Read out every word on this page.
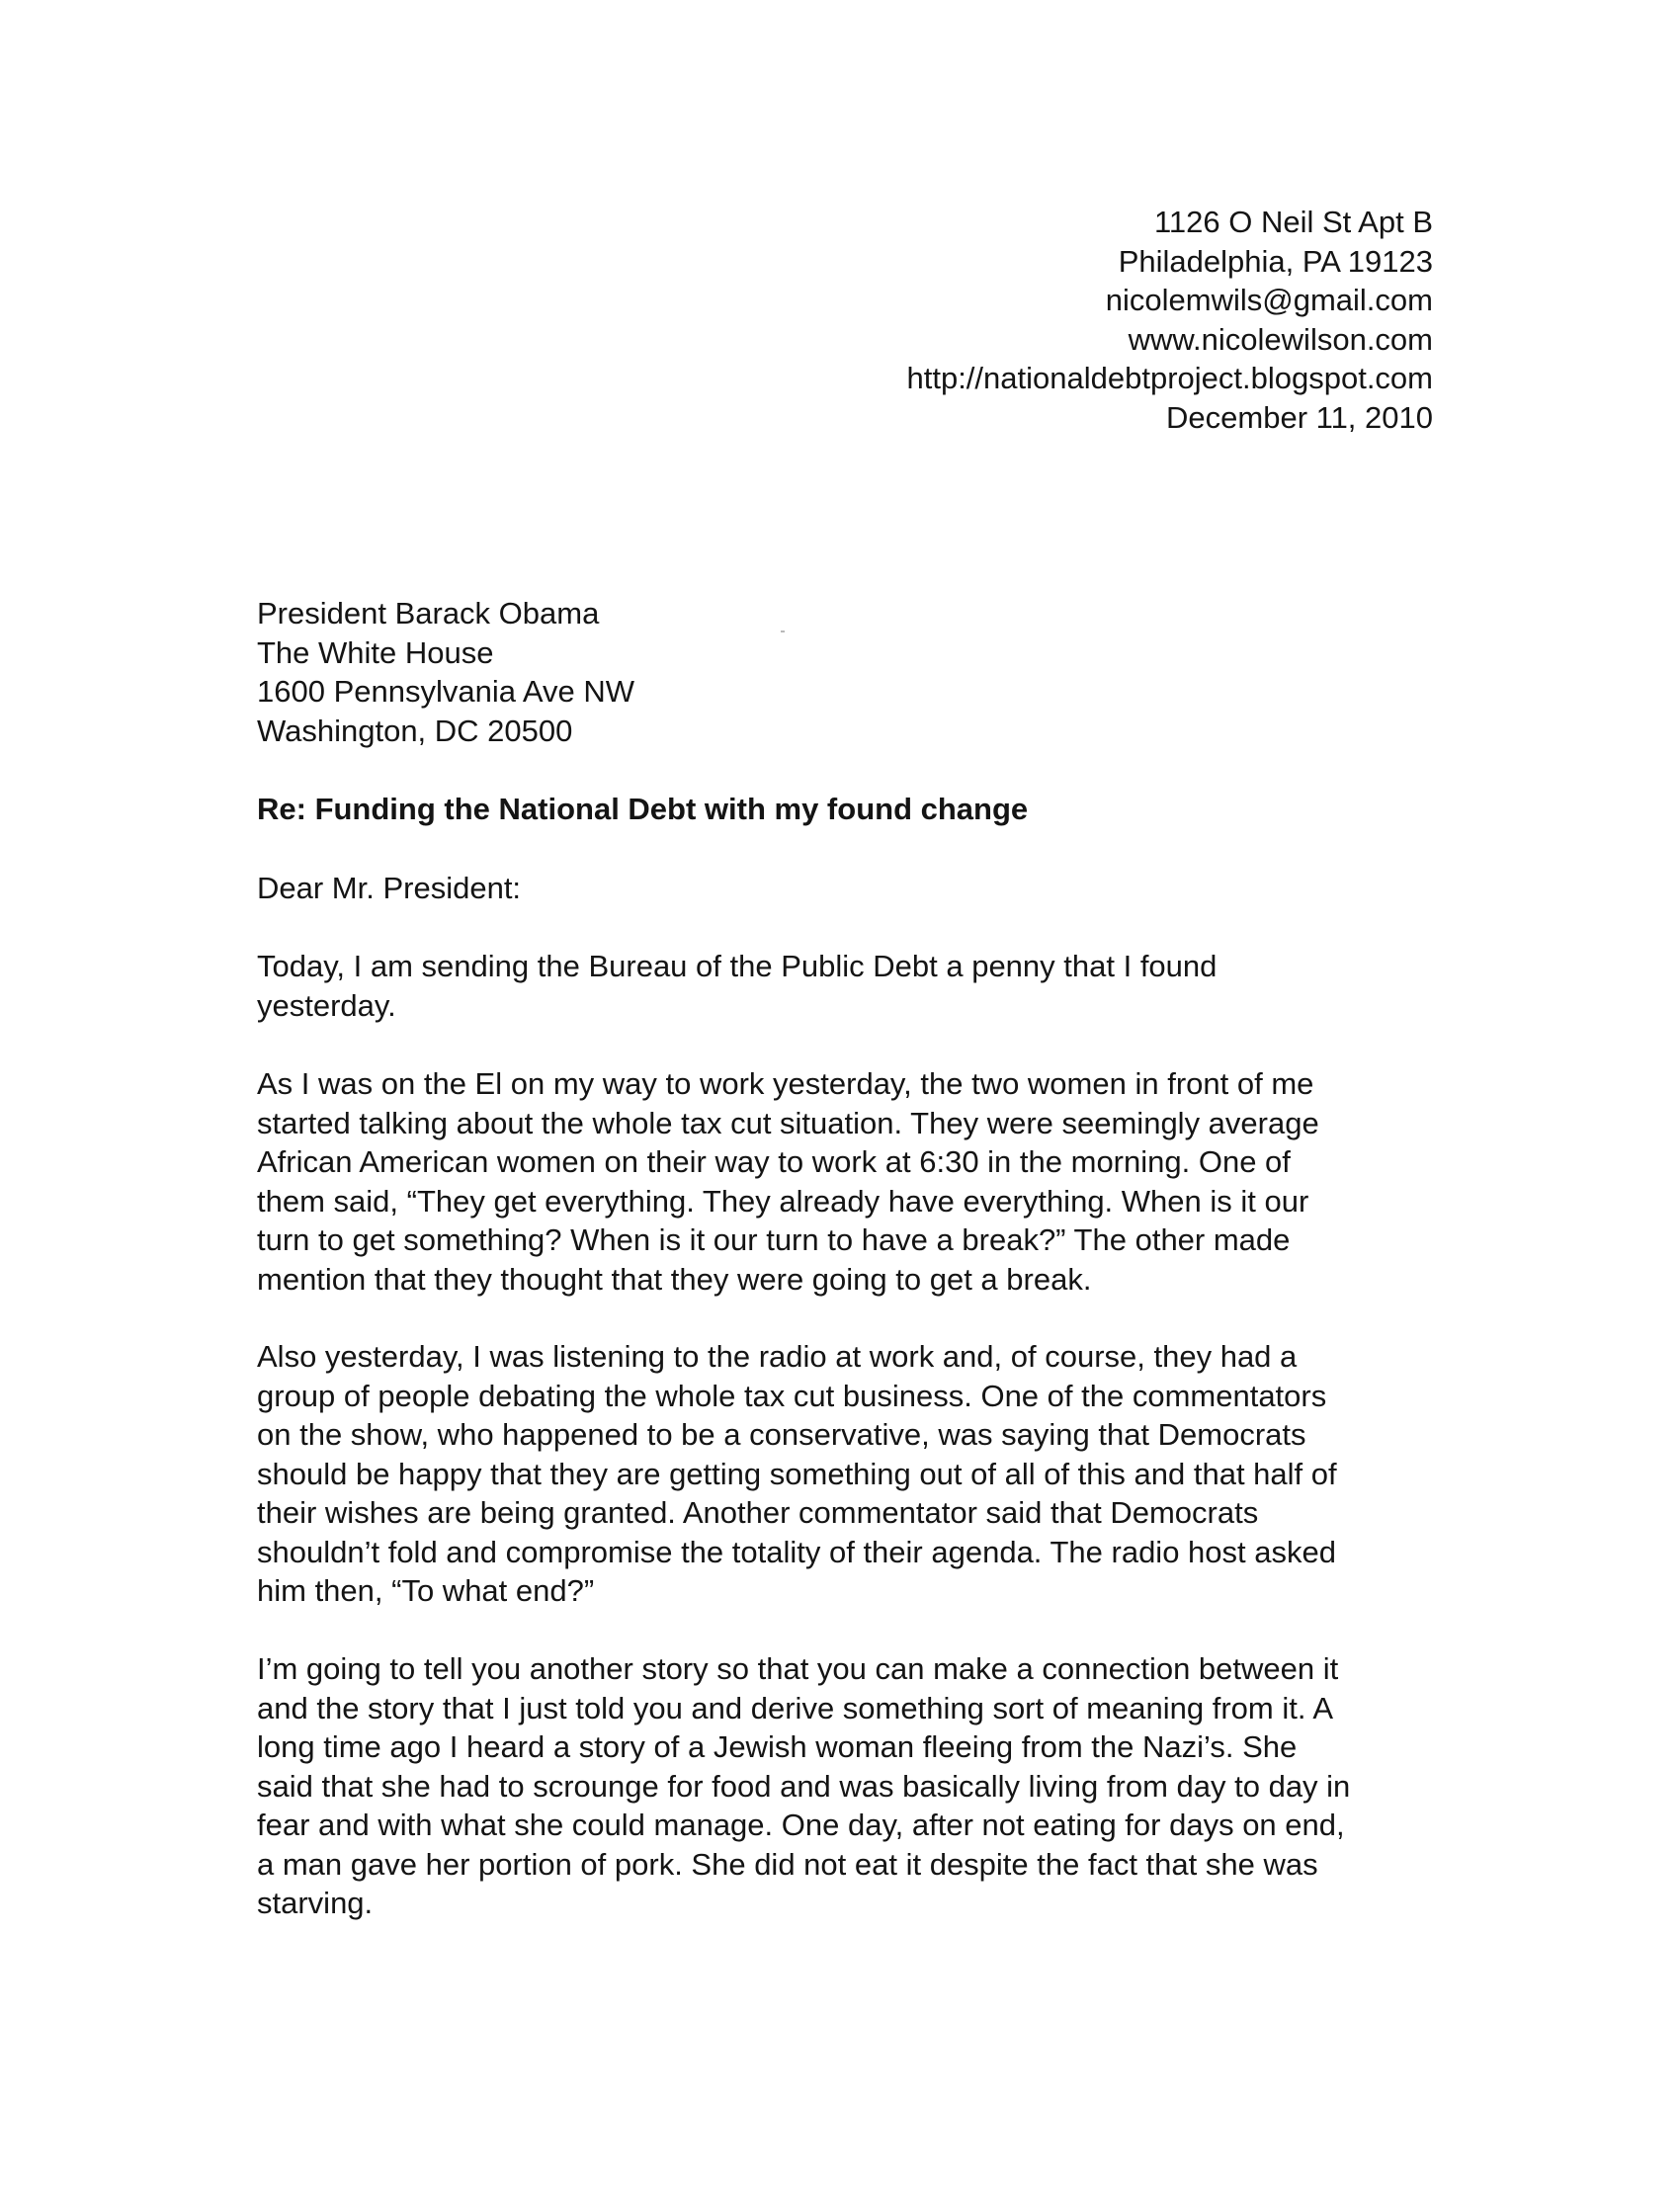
1126 O Neil St Apt B
Philadelphia, PA 19123
nicolemwils@gmail.com
www.nicolewilson.com
http://nationaldebtproject.blogspot.com
December 11, 2010
President Barack Obama
The White House
1600 Pennsylvania Ave NW
Washington, DC 20500
Re: Funding the National Debt with my found change
Dear Mr. President:
Today, I am sending the Bureau of the Public Debt a penny that I found
yesterday.
As I was on the El on my way to work yesterday, the two women in front of me
started talking about the whole tax cut situation. They were seemingly average
African American women on their way to work at 6:30 in the morning. One of
them said, “They get everything. They already have everything. When is it our
turn to get something? When is it our turn to have a break?” The other made
mention that they thought that they were going to get a break.
Also yesterday, I was listening to the radio at work and, of course, they had a
group of people debating the whole tax cut business. One of the commentators
on the show, who happened to be a conservative, was saying that Democrats
should be happy that they are getting something out of all of this and that half of
their wishes are being granted. Another commentator said that Democrats
shouldn’t fold and compromise the totality of their agenda. The radio host asked
him then, “To what end?”
I’m going to tell you another story so that you can make a connection between it
and the story that I just told you and derive something sort of meaning from it. A
long time ago I heard a story of a Jewish woman fleeing from the Nazi’s. She
said that she had to scrounge for food and was basically living from day to day in
fear and with what she could manage. One day, after not eating for days on end,
a man gave her portion of pork. She did not eat it despite the fact that she was
starving.
